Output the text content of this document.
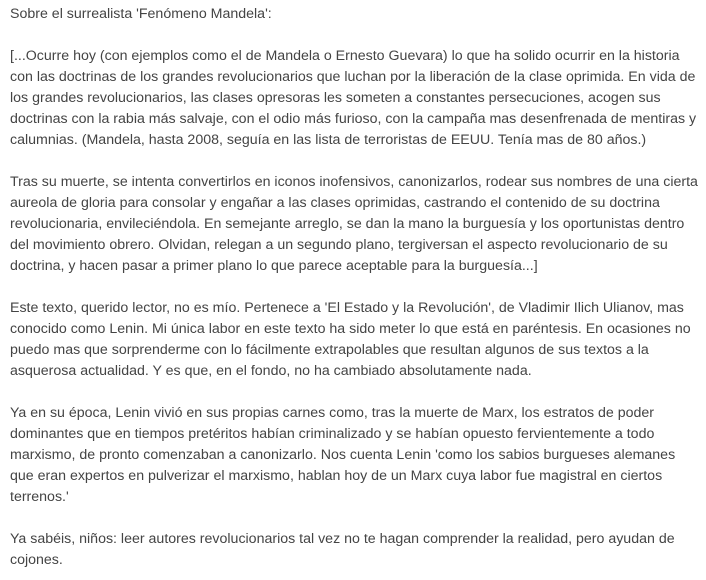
Sobre el surrealista 'Fenómeno Mandela':

[...Ocurre hoy (con ejemplos como el de Mandela o Ernesto Guevara) lo que ha solido ocurrir en la historia con las doctrinas de los grandes revolucionarios que luchan por la liberación de la clase oprimida. En vida de los grandes revolucionarios, las clases opresoras les someten a constantes persecuciones, acogen sus doctrinas con la rabia más salvaje, con el odio más furioso, con la campaña mas desenfrenada de mentiras y calumnias. (Mandela, hasta 2008, seguía en las lista de terroristas de EEUU. Tenía mas de 80 años.)

Tras su muerte, se intenta convertirlos en iconos inofensivos, canonizarlos, rodear sus nombres de una cierta aureola de gloria para consolar y engañar a las clases oprimidas, castrando el contenido de su doctrina revolucionaria, envileciéndola. En semejante arreglo, se dan la mano la burguesía y los oportunistas dentro del movimiento obrero. Olvidan, relegan a un segundo plano, tergiversan el aspecto revolucionario de su doctrina, y hacen pasar a primer plano lo que parece aceptable para la burguesía...]

Este texto, querido lector, no es mío. Pertenece a 'El Estado y la Revolución', de Vladimir Ilich Ulianov, mas conocido como Lenin. Mi única labor en este texto ha sido meter lo que está en paréntesis. En ocasiones no puedo mas que sorprenderme con lo fácilmente extrapolables que resultan algunos de sus textos a la asquerosa actualidad. Y es que, en el fondo, no ha cambiado absolutamente nada.

Ya en su época, Lenin vivió en sus propias carnes como, tras la muerte de Marx, los estratos de poder dominantes que en tiempos pretéritos habían criminalizado y se habían opuesto fervientemente a todo marxismo, de pronto comenzaban a canonizarlo. Nos cuenta Lenin 'como los sabios burgueses alemanes que eran expertos en pulverizar el marxismo, hablan hoy de un Marx cuya labor fue magistral en ciertos terrenos.'

Ya sabéis, niños: leer autores revolucionarios tal vez no te hagan comprender la realidad, pero ayudan de cojones.
